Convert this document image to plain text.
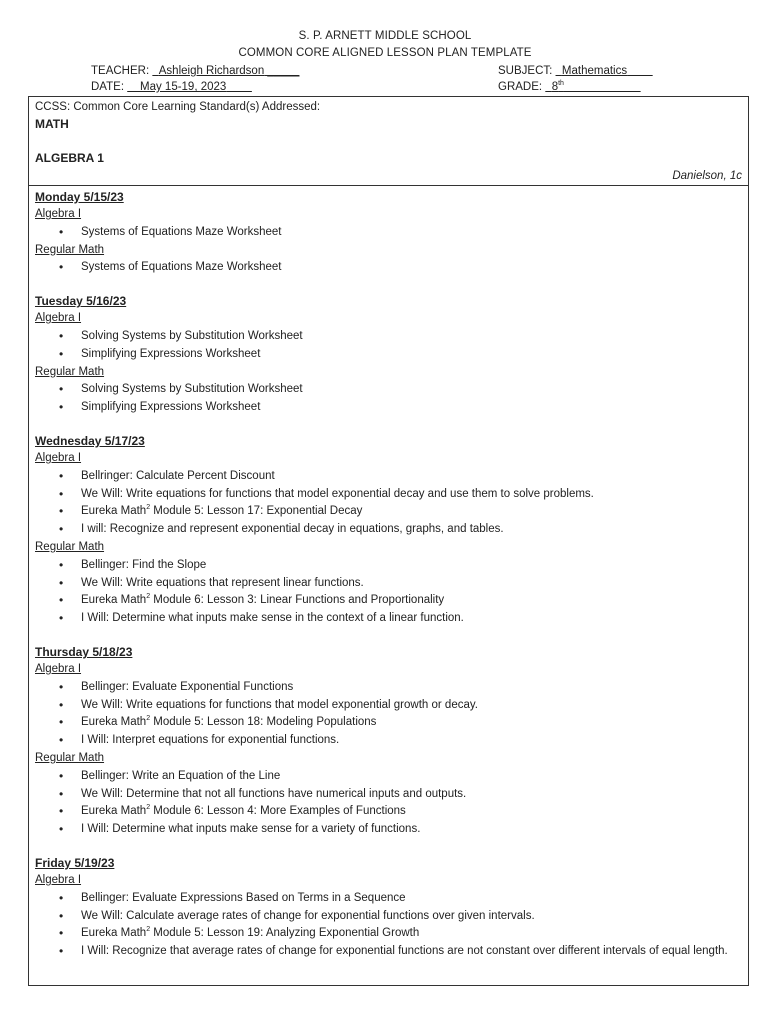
S. P. ARNETT MIDDLE SCHOOL
COMMON CORE ALIGNED LESSON PLAN TEMPLATE
TEACHER: Ashleigh Richardson _____
DATE: May 15-19, 2023
SUBJECT: Mathematics
GRADE: 8th
CCSS: Common Core Learning Standard(s) Addressed:
MATH
ALGEBRA 1
Danielson, 1c
Monday 5/15/23
Algebra I
• Systems of Equations Maze Worksheet
Regular Math
• Systems of Equations Maze Worksheet
Tuesday 5/16/23
Algebra I
• Solving Systems by Substitution Worksheet
• Simplifying Expressions Worksheet
Regular Math
• Solving Systems by Substitution Worksheet
• Simplifying Expressions Worksheet
Wednesday 5/17/23
Algebra I
• Bellringer: Calculate Percent Discount
• We Will: Write equations for functions that model exponential decay and use them to solve problems.
• Eureka Math$^2$ Module 5: Lesson 17: Exponential Decay
• I will: Recognize and represent exponential decay in equations, graphs, and tables.
Regular Math
• Bellinger: Find the Slope
• We Will: Write equations that represent linear functions.
• Eureka Math$^2$ Module 6: Lesson 3: Linear Functions and Proportionality
• I Will: Determine what inputs make sense in the context of a linear function.
Thursday 5/18/23
Algebra I
• Bellinger: Evaluate Exponential Functions
• We Will: Write equations for functions that model exponential growth or decay.
• Eureka Math$^2$ Module 5: Lesson 18: Modeling Populations
• I Will: Interpret equations for exponential functions.
Regular Math
• Bellinger: Write an Equation of the Line
• We Will: Determine that not all functions have numerical inputs and outputs.
• Eureka Math$^2$ Module 6: Lesson 4: More Examples of Functions
• I Will: Determine what inputs make sense for a variety of functions.
Friday 5/19/23
Algebra I
• Bellinger: Evaluate Expressions Based on Terms in a Sequence
• We Will: Calculate average rates of change for exponential functions over given intervals.
• Eureka Math$^2$ Module 5: Lesson 19: Analyzing Exponential Growth
• I Will: Recognize that average rates of change for exponential functions are not constant over different intervals of equal length.
